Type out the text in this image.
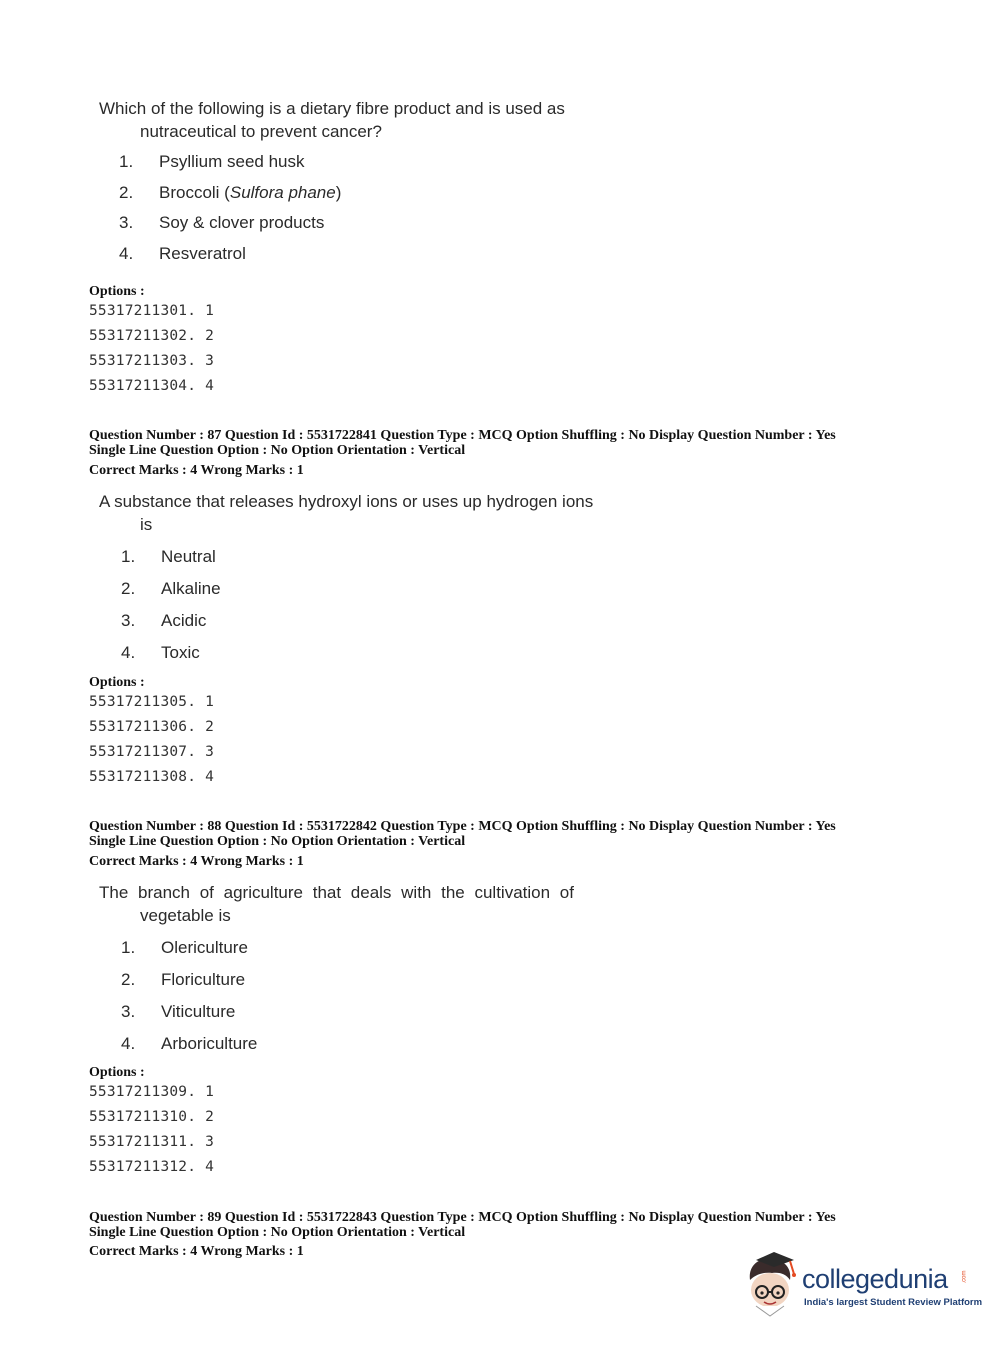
Which of the following is a dietary fibre product and is used as
nutraceutical to prevent cancer?
1.	Psyllium seed husk
2.	Broccoli (Sulfora phane)
3.	Soy & clover products
4.	Resveratrol
Options :
55317211301. 1
55317211302. 2
55317211303. 3
55317211304. 4
Question Number : 87 Question Id : 5531722841 Question Type : MCQ Option Shuffling : No Display Question Number : Yes
Single Line Question Option : No Option Orientation : Vertical
Correct Marks : 4 Wrong Marks : 1
A substance that releases hydroxyl ions or uses up hydrogen ions
is
1.	Neutral
2.	Alkaline
3.	Acidic
4.	Toxic
Options :
55317211305. 1
55317211306. 2
55317211307. 3
55317211308. 4
Question Number : 88 Question Id : 5531722842 Question Type : MCQ Option Shuffling : No Display Question Number : Yes
Single Line Question Option : No Option Orientation : Vertical
Correct Marks : 4 Wrong Marks : 1
The branch of agriculture that deals with the cultivation of
vegetable is
1.	Olericulture
2.	Floriculture
3.	Viticulture
4.	Arboriculture
Options :
55317211309. 1
55317211310. 2
55317211311. 3
55317211312. 4
Question Number : 89 Question Id : 5531722843 Question Type : MCQ Option Shuffling : No Display Question Number : Yes
Single Line Question Option : No Option Orientation : Vertical
Correct Marks : 4 Wrong Marks : 1
collegedunia .com
India's largest Student Review Platform
